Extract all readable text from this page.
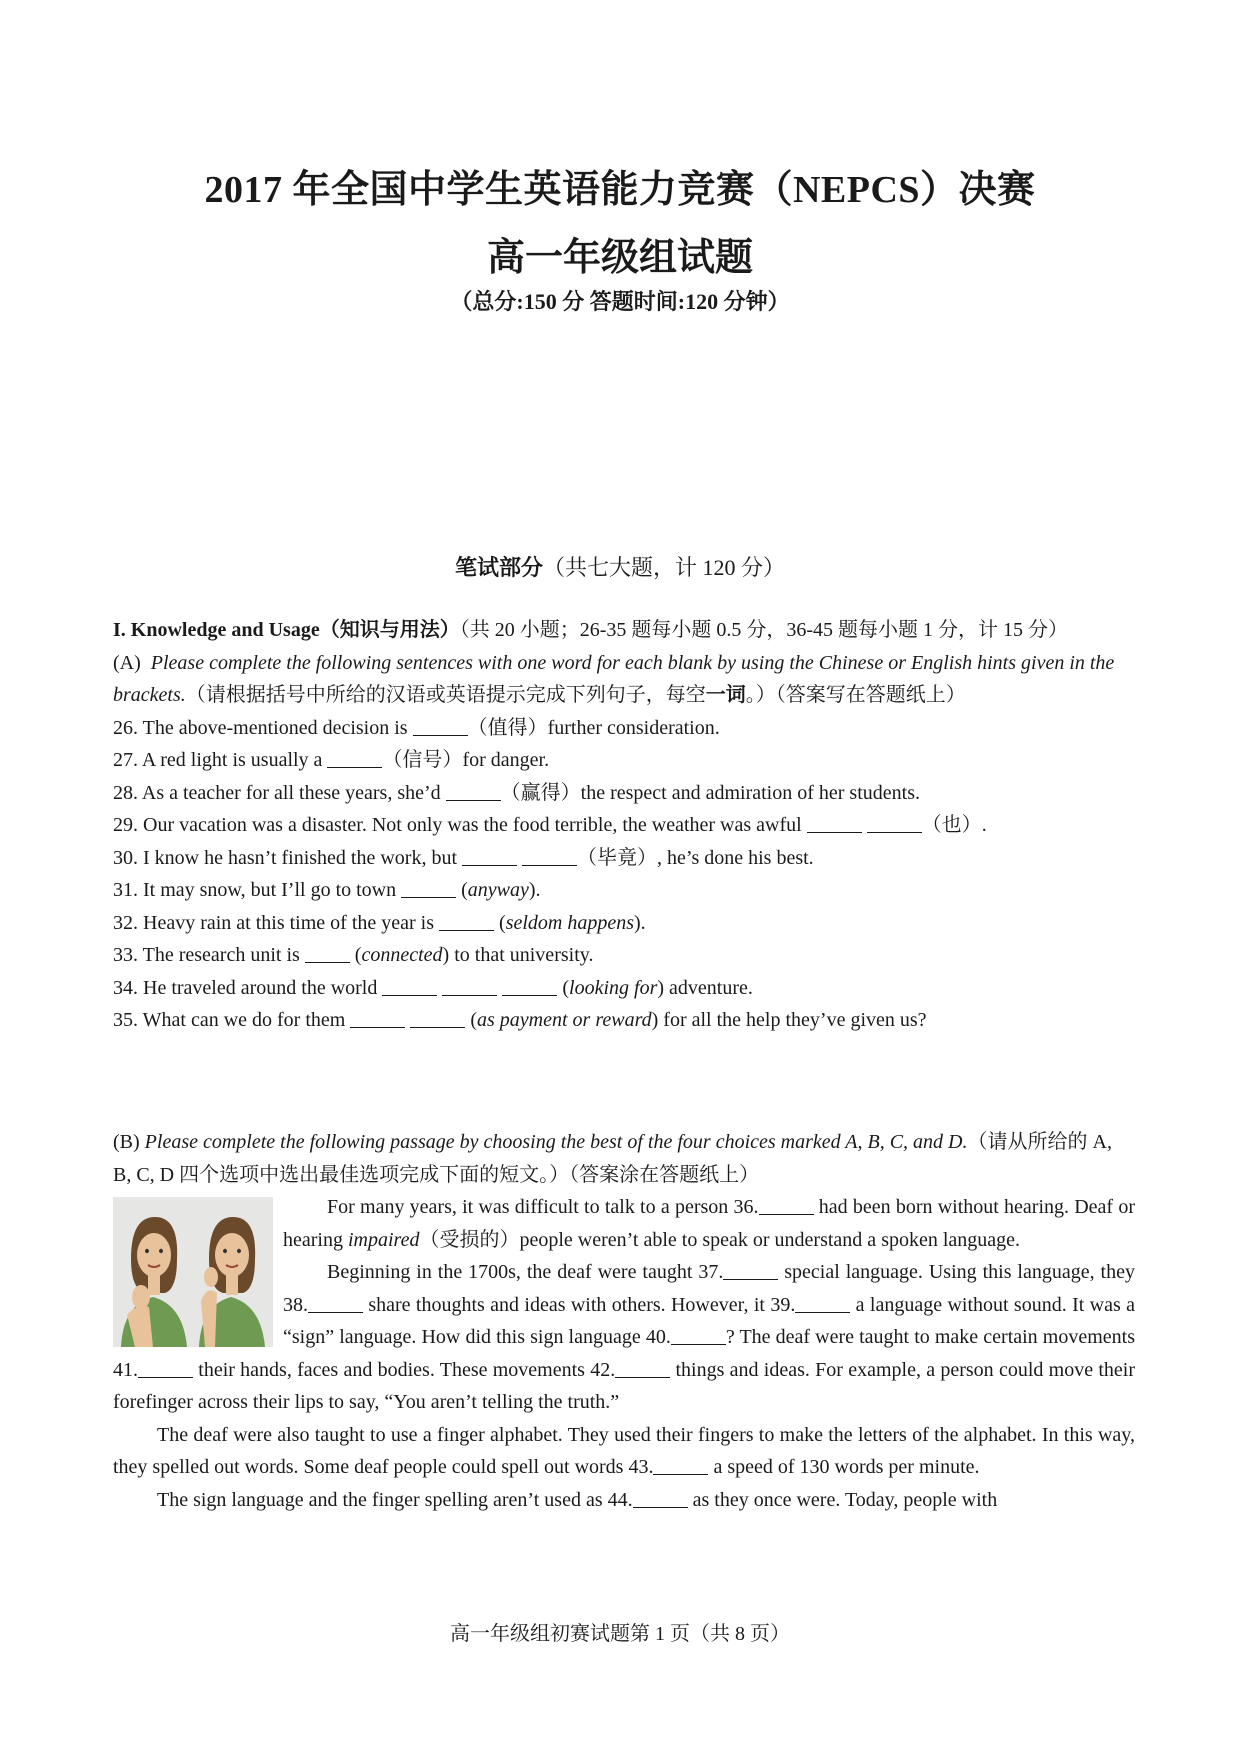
2017 年全国中学生英语能力竞赛（NEPCS）决赛
高一年级组试题
（总分:150 分 答题时间:120 分钟）
笔试部分（共七大题，计 120 分）
I. Knowledge and Usage（知识与用法）（共 20 小题；26-35 题每小题 0.5 分，36-45 题每小题 1 分，计 15 分）
(A) Please complete the following sentences with one word for each blank by using the Chinese or English hints given in the brackets.（请根据括号中所给的汉语或英语提示完成下列句子，每空一词。）（答案写在答题纸上）
26. The above-mentioned decision is	（值得）further consideration.
27. A red light is usually a	（信号）for danger.
28. As a teacher for all these years, she’d	（赢得）the respect and admiration of her students.
29. Our vacation was a disaster. Not only was the food terrible, the weather was awful	（也）.
30. I know he hasn’t finished the work, but	（毕竟）, he’s done his best.
31. It may snow, but I’ll go to town	(anyway).
32. Heavy rain at this time of the year is	(seldom happens).
33. The research unit is  (connected) to that university.
34. He traveled around the world	(looking for) adventure.
35. What can we do for them	(as payment or reward) for all the help they’ve given us?
(B) Please complete the following passage by choosing the best of the four choices marked A, B, C, and D.（请从所给的 A, B, C, D 四个选项中选出最佳选项完成下面的短文。）（答案涂在答题纸上）
For many years, it was difficult to talk to a person 36.	had been born without hearing. Deaf or hearing impaired（受损的）people weren’t able to speak or understand a spoken language.
Beginning in the 1700s, the deaf were taught 37.	special language. Using this language, they 38.	share thoughts and ideas with others. However, it 39.	a language without sound. It was a “sign” language. How did this sign language 40.	? The deaf were taught to make certain movements 41.	their hands, faces and bodies. These movements 42.	things and ideas. For example, a person could move their forefinger across their lips to say, “You aren’t telling the truth.”
The deaf were also taught to use a finger alphabet. They used their fingers to make the letters of the alphabet. In this way, they spelled out words. Some deaf people could spell out words 43.	a speed of 130 words per minute.
The sign language and the finger spelling aren’t used as 44.	as they once were. Today, people with
高一年级组初赛试题第 1 页（共 8 页）
